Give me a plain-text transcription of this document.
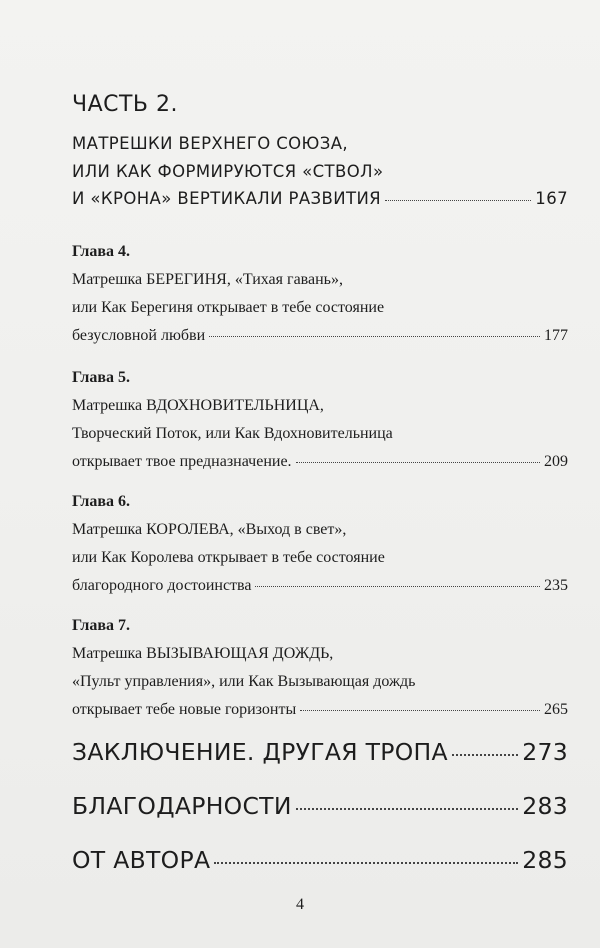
ЧАСТЬ 2.
МАТРЕШКИ ВЕРХНЕГО СОЮЗА,
ИЛИ КАК ФОРМИРУЮТСЯ «СТВОЛ»
И «КРОНА» ВЕРТИКАЛИ РАЗВИТИЯ	167
Глава 4.
Матрешка БЕРЕГИНЯ, «Тихая гавань»,
или Как Берегиня открывает в тебе состояние
безусловной любви	177
Глава 5.
Матрешка ВДОХНОВИТЕЛЬНИЦА,
Творческий Поток, или Как Вдохновительница
открывает твое предназначение.	209
Глава 6.
Матрешка КОРОЛЕВА, «Выход в свет»,
или Как Королева открывает в тебе состояние
благородного достоинства	235
Глава 7.
Матрешка ВЫЗЫВАЮЩАЯ ДОЖДЬ,
«Пульт управления», или Как Вызывающая дождь
открывает тебе новые горизонты	265
ЗАКЛЮЧЕНИЕ. ДРУГАЯ ТРОПА	273
БЛАГОДАРНОСТИ	283
ОТ АВТОРА	285
4
